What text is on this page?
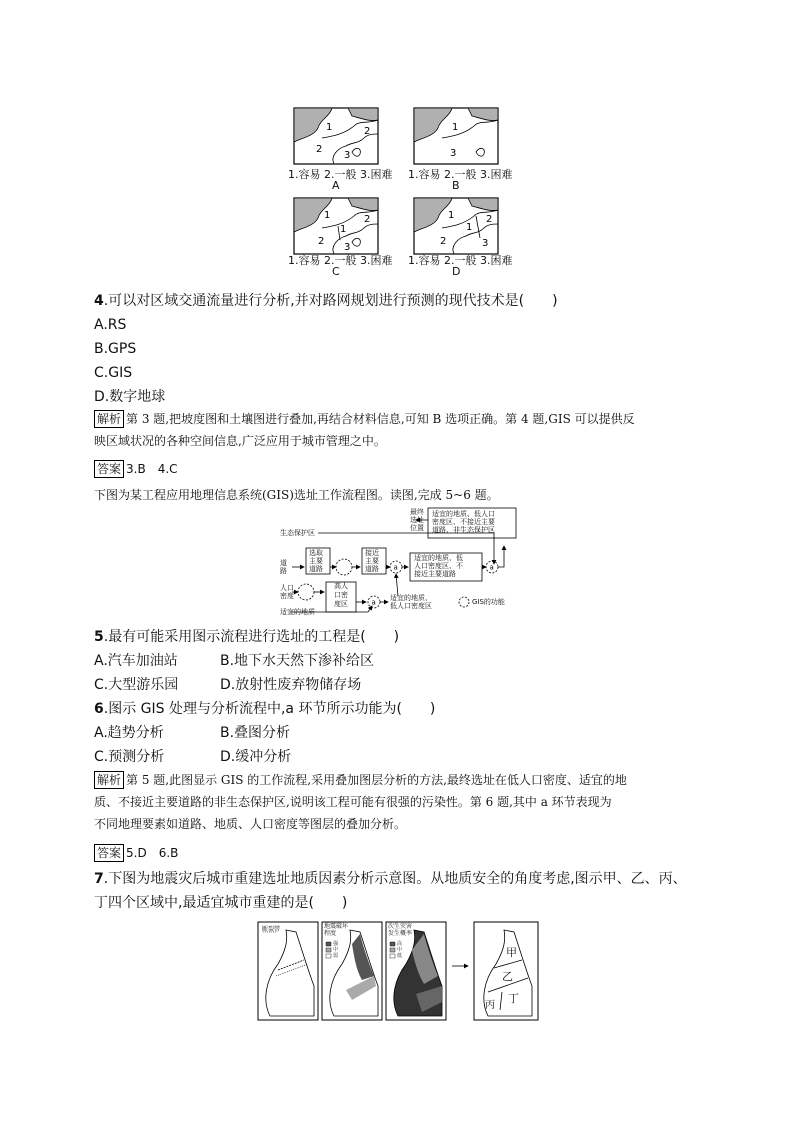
1	2
3
2
1
3
1
1
2
2
3
1
1
2
2	3
1.容易 2.一般 3.困难
A
1.容易 2.一般 3.困难
B
1.容易 2.一般 3.困难
C
1.容易 2.一般 3.困难
D
4.可以对区域交通流量进行分析,并对路网规划进行预测的现代技术是(　　)
A.RS
B.GPS
C.GIS
D.数字地球
解析 第 3 题,把坡度图和土壤图进行叠加,再结合材料信息,可知 B 选项正确。第 4 题,GIS 可以提供反
映区域状况的各种空间信息,广泛应用于城市管理之中。
答案 3.B　4.C
下图为某工程应用地理信息系统(GIS)选址工作流程图。读图,完成 5~6 题。
a	a
a
最终
选址
位置
适宜的地质、低人口
密度区、不接近主要
道路、非生态保护区
生态保护区
道
路
选取
主要
道路
接近
主要
道路
适宜的地质、低
人口密度区、不
接近主要道路
人口
密度
高人
口密
度区
适宜的地质、
低人口密度区
适宜的地质
GIS的功能
5.最有可能采用图示流程进行选址的工程是(　　)
A.汽车加油站	B.地下水天然下渗补给区
C.大型游乐园	D.放射性废弃物储存场
6.图示 GIS 处理与分析流程中,a 环节所示功能为(　　)
A.趋势分析	B.叠图分析
C.预测分析	D.缓冲分析
解析 第 5 题,此图显示 GIS 的工作流程,采用叠加图层分析的方法,最终选址在低人口密度、适宜的地
质、不接近主要道路的非生态保护区,说明该工程可能有很强的污染性。第 6 题,其中 a 环节表现为
不同地理要素如道路、地质、人口密度等图层的叠加分析。
答案 5.D　6.B
7.下图为地震灾后城市重建选址地质因素分析示意图。从地质安全的角度考虑,图示甲、乙、丙、
丁四个区域中,最适宜城市重建的是(　　)
断裂带	地震破坏
程度
强
中
弱
次生灾害
发生概率
高
中
低	甲
乙
丙
丁
